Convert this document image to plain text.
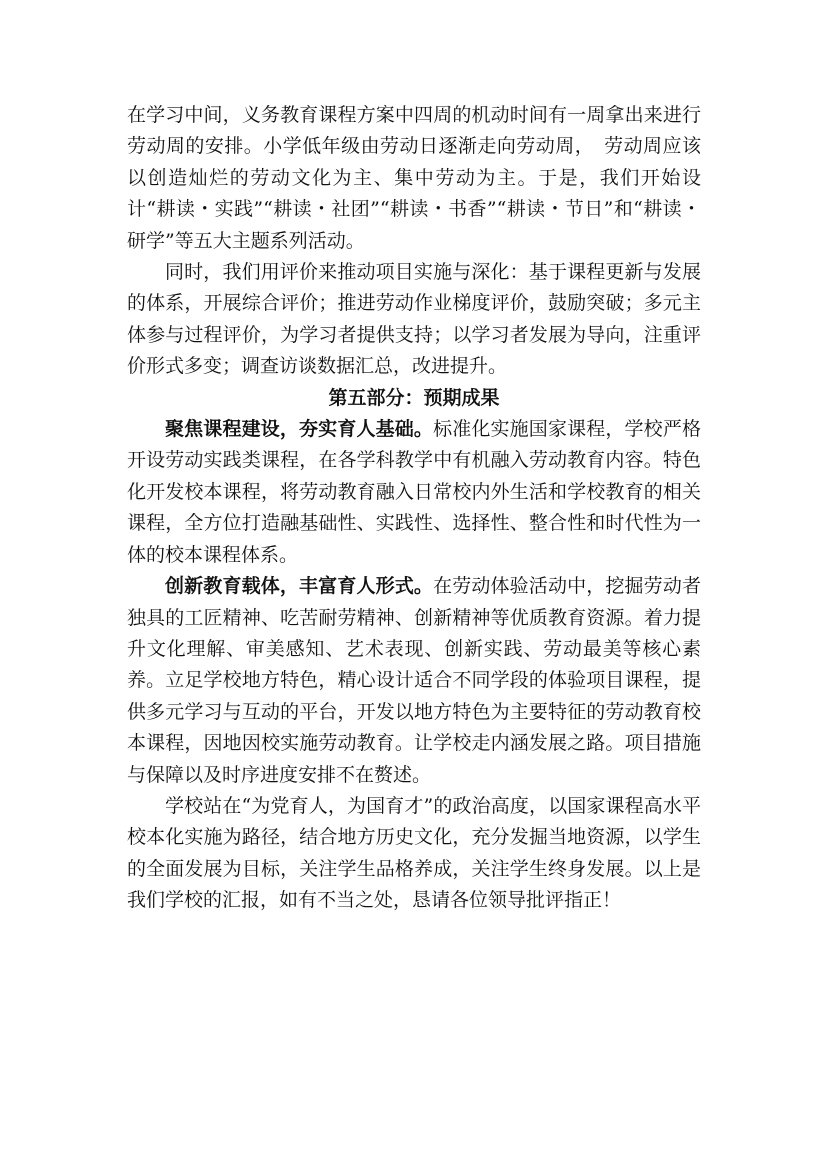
在学习中间，义务教育课程方案中四周的机动时间有一周拿出来进行劳动周的安排。小学低年级由劳动日逐渐走向劳动周，　劳动周应该以创造灿烂的劳动文化为主、集中劳动为主。于是，我们开始设计“耕读・实践”“耕读・社团”“耕读・书香”“耕读・节日”和“耕读・研学”等五大主题系列活动。

同时，我们用评价来推动项目实施与深化：基于课程更新与发展的体系，开展综合评价；推进劳动作业梯度评价，鼓励突破；多元主体参与过程评价，为学习者提供支持；以学习者发展为导向，注重评价形式多变；调查访谈数据汇总，改进提升。

第五部分：预期成果

聚焦课程建设，夯实育人基础。标准化实施国家课程，学校严格开设劳动实践类课程，在各学科教学中有机融入劳动教育内容。特色化开发校本课程，将劳动教育融入日常校内外生活和学校教育的相关课程，全方位打造融基础性、实践性、选择性、整合性和时代性为一体的校本课程体系。

创新教育载体，丰富育人形式。在劳动体验活动中，挖掘劳动者独具的工匠精神、吃苦耐劳精神、创新精神等优质教育资源。着力提升文化理解、审美感知、艺术表现、创新实践、劳动最美等核心素养。立足学校地方特色，精心设计适合不同学段的体验项目课程，提供多元学习与互动的平台，开发以地方特色为主要特征的劳动教育校本课程，因地因校实施劳动教育。让学校走内涵发展之路。项目措施与保障以及时序进度安排不在赘述。

学校站在“为党育人，为国育才”的政治高度，以国家课程高水平校本化实施为路径，结合地方历史文化，充分发掘当地资源，以学生的全面发展为目标，关注学生品格养成，关注学生终身发展。以上是我们学校的汇报，如有不当之处，恳请各位领导批评指正！
